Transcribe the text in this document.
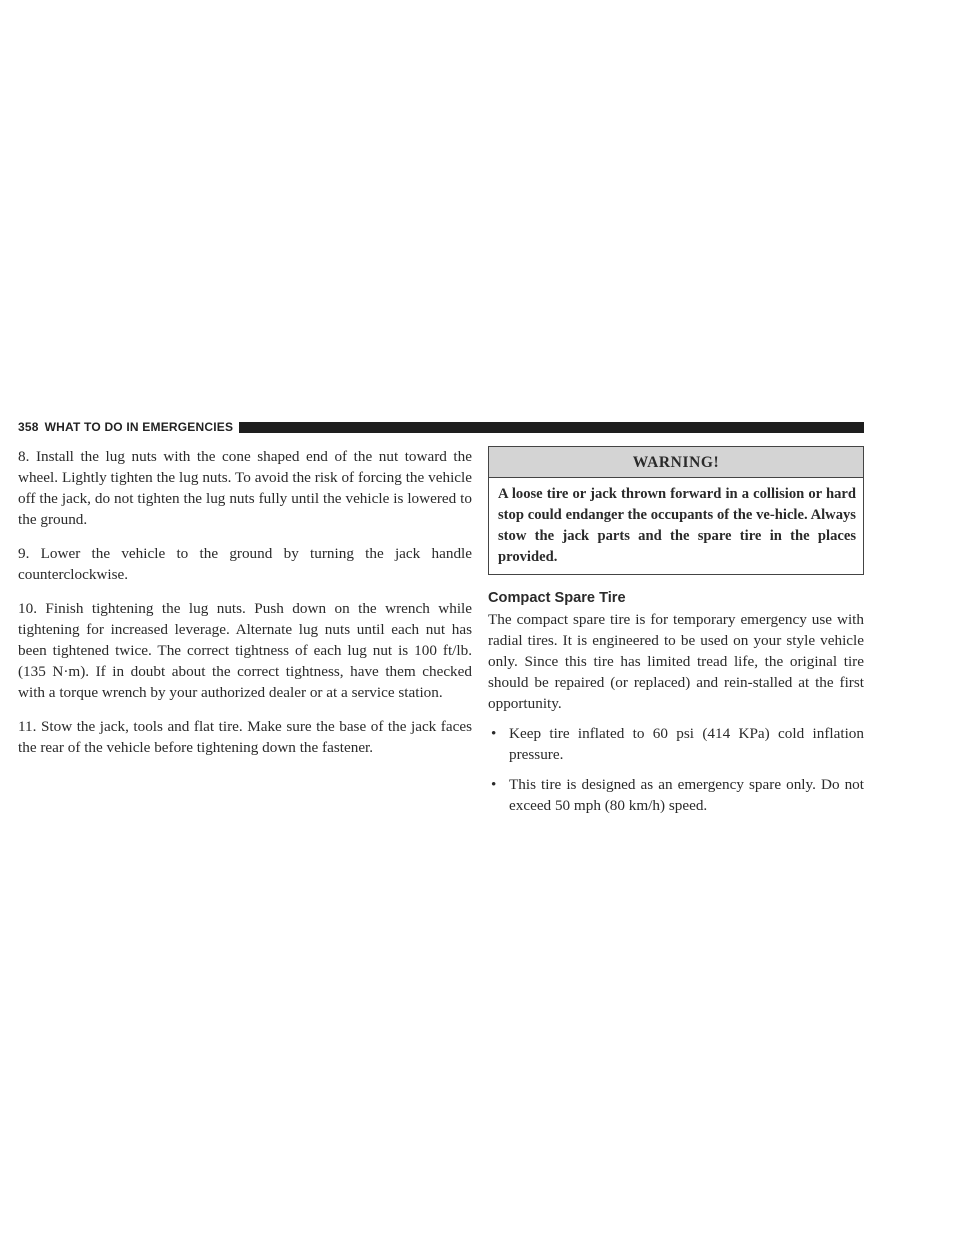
358 WHAT TO DO IN EMERGENCIES

8. Install the lug nuts with the cone shaped end of the nut toward the wheel. Lightly tighten the lug nuts. To avoid the risk of forcing the vehicle off the jack, do not tighten the lug nuts fully until the vehicle is lowered to the ground.

9. Lower the vehicle to the ground by turning the jack handle counterclockwise.

10. Finish tightening the lug nuts. Push down on the wrench while tightening for increased leverage. Alternate lug nuts until each nut has been tightened twice. The correct tightness of each lug nut is 100 ft/lb. (135 N·m). If in doubt about the correct tightness, have them checked with a torque wrench by your authorized dealer or at a service station.

11. Stow the jack, tools and flat tire. Make sure the base of the jack faces the rear of the vehicle before tightening down the fastener.

WARNING!
A loose tire or jack thrown forward in a collision or hard stop could endanger the occupants of the ve-hicle. Always stow the jack parts and the spare tire in the places provided.
Compact Spare Tire

The compact spare tire is for temporary emergency use with radial tires. It is engineered to be used on your style vehicle only. Since this tire has limited tread life, the original tire should be repaired (or replaced) and rein-stalled at the first opportunity.

• Keep tire inflated to 60 psi (414 KPa) cold inflation pressure.
• This tire is designed as an emergency spare only. Do not exceed 50 mph (80 km/h) speed.
